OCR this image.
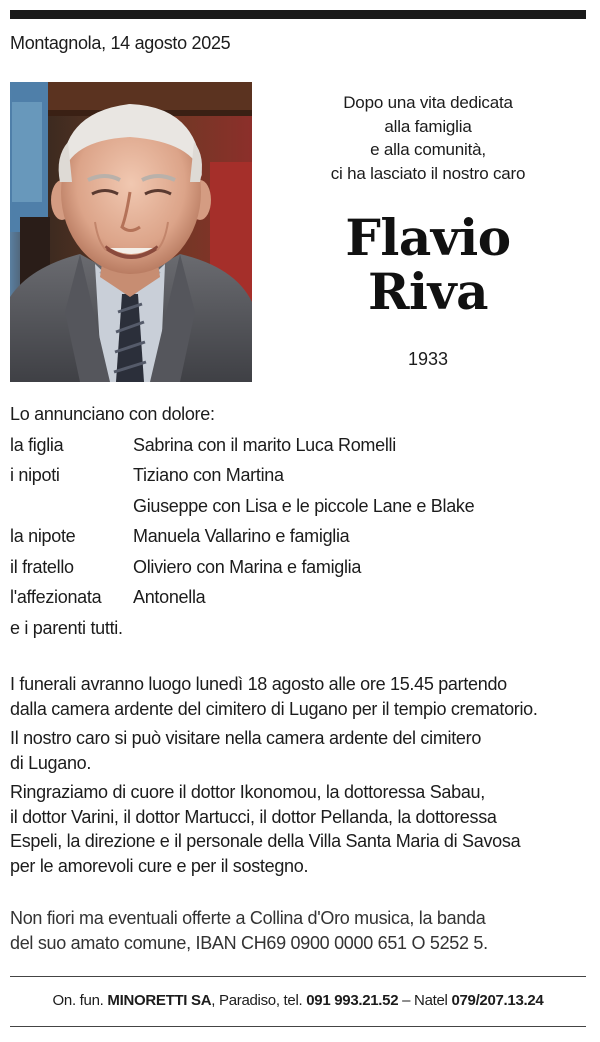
Montagnola, 14 agosto 2025
Dopo una vita dedicata
alla famiglia
e alla comunità,
ci ha lasciato il nostro caro
Flavio
Riva
1933
Lo annunciano con dolore:
la figlia	Sabrina con il marito Luca Romelli
i nipoti	Tiziano con Martina
Giuseppe con Lisa e le piccole Lane e Blake
la nipote	Manuela Vallarino e famiglia
il fratello	Oliviero con Marina e famiglia
l'affezionata Antonella
e i parenti tutti.
I funerali avranno luogo lunedì 18 agosto alle ore 15.45 partendo
dalla camera ardente del cimitero di Lugano per il tempio crematorio.
Il nostro caro si può visitare nella camera ardente del cimitero
di Lugano.
Ringraziamo di cuore il dottor Ikonomou, la dottoressa Sabau,
il dottor Varini, il dottor Martucci, il dottor Pellanda, la dottoressa
Espeli, la direzione e il personale della Villa Santa Maria di Savosa
per le amorevoli cure e per il sostegno.
Non fiori ma eventuali offerte a Collina d'Oro musica, la banda
del suo amato comune, IBAN CH69 0900 0000 651 O 5252 5.
On. fun. MINORETTI SA, Paradiso, tel. 091 993.21.52 – Natel 079/207.13.24
